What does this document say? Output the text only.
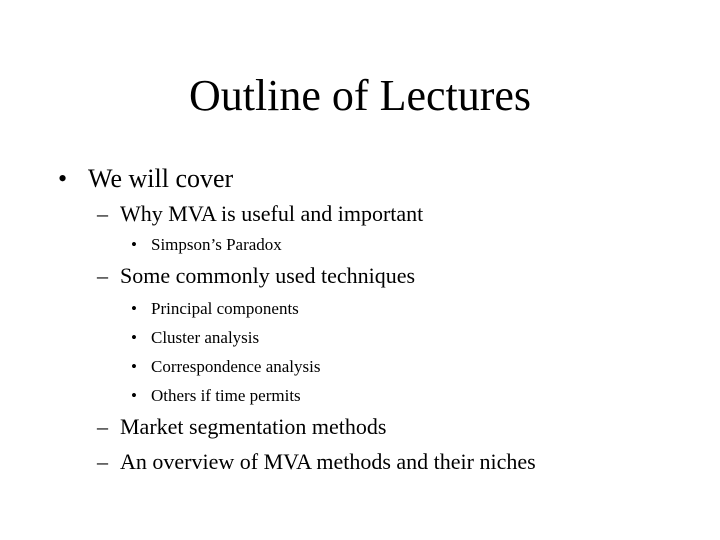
Outline of Lectures
• We will cover
– Why MVA is useful and important
• Simpson’s Paradox
– Some commonly used techniques
• Principal components
• Cluster analysis
• Correspondence analysis
• Others if time permits
– Market segmentation methods
– An overview of MVA methods and their niches
